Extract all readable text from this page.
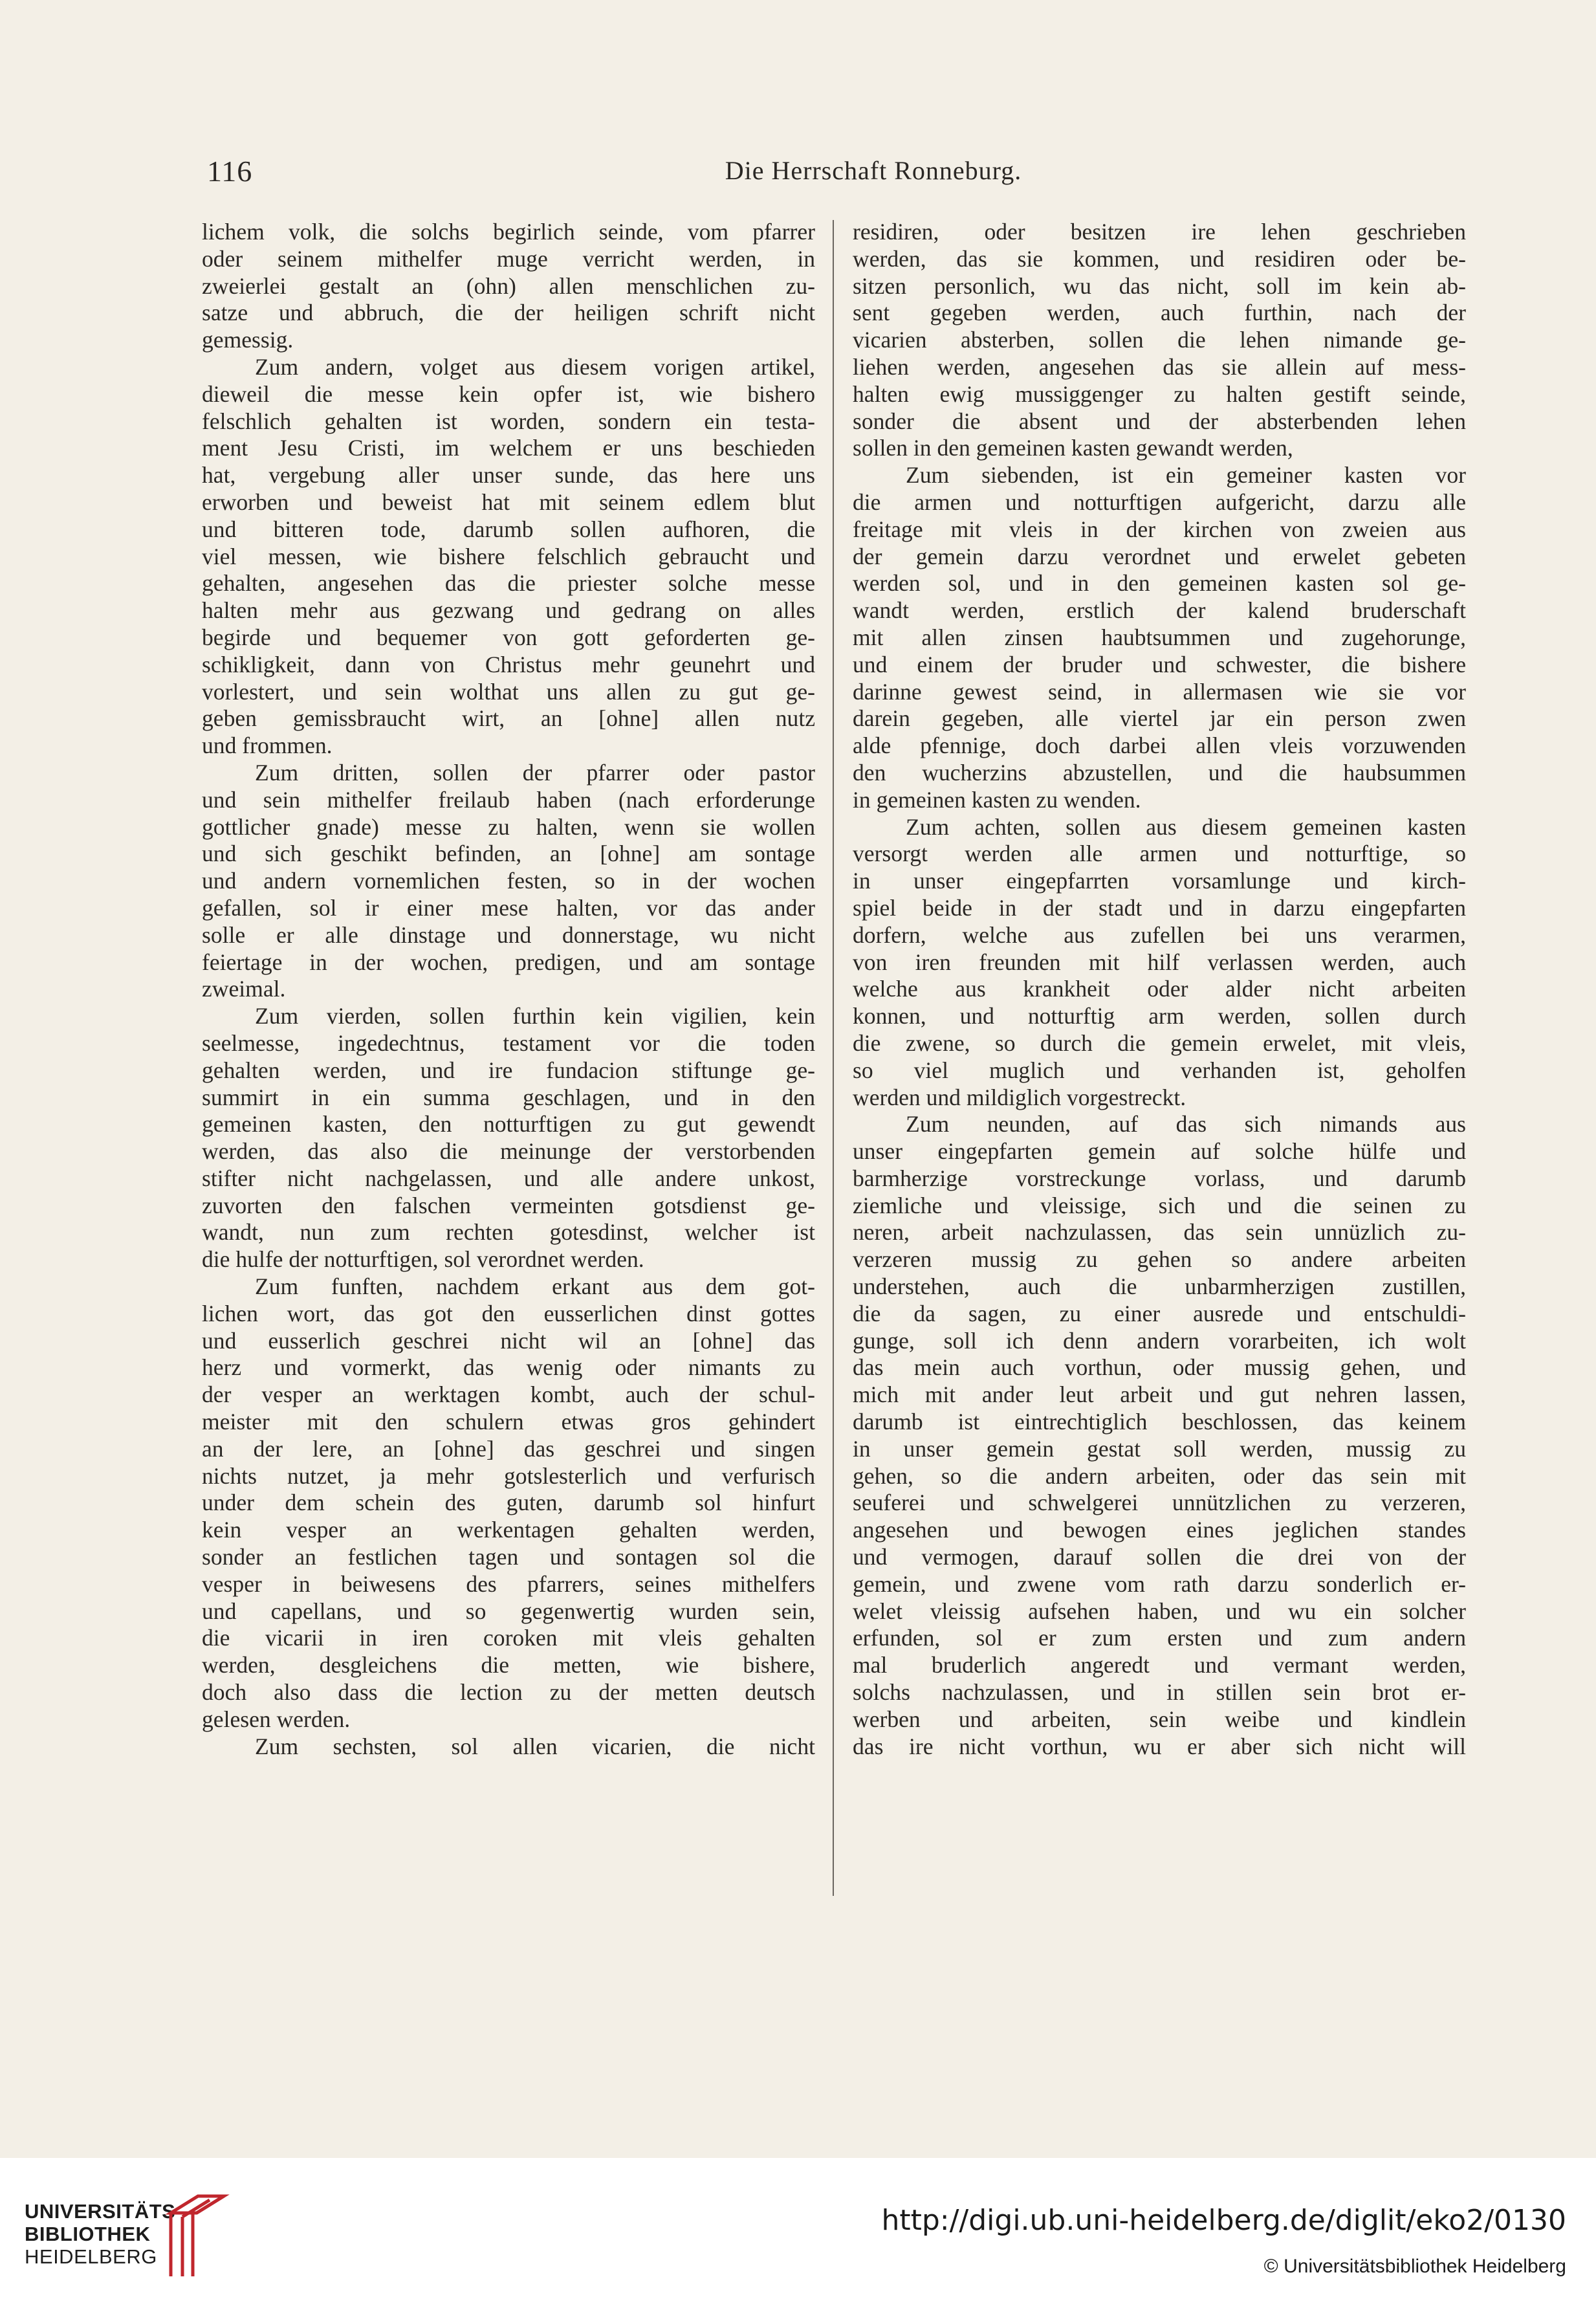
116	Die Herrschaft Ronneburg.
lichem volk, die solchs begirlich seinde, vom pfarrer
oder seinem mithelfer muge verricht werden, in
zweierlei gestalt an (ohn) allen menschlichen zu-
satze und abbruch, die der heiligen schrift nicht
gemessig.
Zum andern, volget aus diesem vorigen artikel,
dieweil die messe kein opfer ist, wie bishero
felschlich gehalten ist worden, sondern ein testa-
ment Jesu Cristi, im welchem er uns beschieden
hat, vergebung aller unser sunde, das here uns
erworben und beweist hat mit seinem edlem blut
und bitteren tode, darumb sollen aufhoren, die
viel messen, wie bishere felschlich gebraucht und
gehalten, angesehen das die priester solche messe
halten mehr aus gezwang und gedrang on alles
begirde und bequemer von gott geforderten ge-
schikligkeit, dann von Christus mehr geunehrt und
vorlestert, und sein wolthat uns allen zu gut ge-
geben gemissbraucht wirt, an [ohne] allen nutz
und frommen.
Zum dritten, sollen der pfarrer oder pastor
und sein mithelfer freilaub haben (nach erforderunge
gottlicher gnade) messe zu halten, wenn sie wollen
und sich geschikt befinden, an [ohne] am sontage
und andern vornemlichen festen, so in der wochen
gefallen, sol ir einer mese halten, vor das ander
solle er alle dinstage und donnerstage, wu nicht
feiertage in der wochen, predigen, und am sontage
zweimal.
Zum vierden, sollen furthin kein vigilien, kein
seelmesse, ingedechtnus, testament vor die toden
gehalten werden, und ire fundacion stiftunge ge-
summirt in ein summa geschlagen, und in den
gemeinen kasten, den notturftigen zu gut gewendt
werden, das also die meinunge der verstorbenden
stifter nicht nachgelassen, und alle andere unkost,
zuvorten den falschen vermeinten gotsdienst ge-
wandt, nun zum rechten gotesdinst, welcher ist
die hulfe der notturftigen, sol verordnet werden.
Zum funften, nachdem erkant aus dem got-
lichen wort, das got den eusserlichen dinst gottes
und eusserlich geschrei nicht wil an [ohne] das
herz und vormerkt, das wenig oder nimants zu
der vesper an werktagen kombt, auch der schul-
meister mit den schulern etwas gros gehindert
an der lere, an [ohne] das geschrei und singen
nichts nutzet, ja mehr gotslesterlich und verfurisch
under dem schein des guten, darumb sol hinfurt
kein vesper an werkentagen gehalten werden,
sonder an festlichen tagen und sontagen sol die
vesper in beiwesens des pfarrers, seines mithelfers
und capellans, und so gegenwertig wurden sein,
die vicarii in iren coroken mit vleis gehalten
werden, desgleichens die metten, wie bishere,
doch also dass die lection zu der metten deutsch
gelesen werden.
Zum sechsten, sol allen vicarien, die nicht
residiren, oder besitzen ire lehen geschrieben
werden, das sie kommen, und residiren oder be-
sitzen personlich, wu das nicht, soll im kein ab-
sent gegeben werden, auch furthin, nach der
vicarien absterben, sollen die lehen nimande ge-
liehen werden, angesehen das sie allein auf mess-
halten ewig mussiggenger zu halten gestift seinde,
sonder die absent und der absterbenden lehen
sollen in den gemeinen kasten gewandt werden,
Zum siebenden, ist ein gemeiner kasten vor
die armen und notturftigen aufgericht, darzu alle
freitage mit vleis in der kirchen von zweien aus
der gemein darzu verordnet und erwelet gebeten
werden sol, und in den gemeinen kasten sol ge-
wandt werden, erstlich der kalend bruderschaft
mit allen zinsen haubtsummen und zugehorunge,
und einem der bruder und schwester, die bishere
darinne gewest seind, in allermasen wie sie vor
darein gegeben, alle viertel jar ein person zwen
alde pfennige, doch darbei allen vleis vorzuwenden
den wucherzins abzustellen, und die haubsummen
in gemeinen kasten zu wenden.
Zum achten, sollen aus diesem gemeinen kasten
versorgt werden alle armen und notturftige, so
in unser eingepfarrten vorsamlunge und kirch-
spiel beide in der stadt und in darzu eingepfarten
dorfern, welche aus zufellen bei uns verarmen,
von iren freunden mit hilf verlassen werden, auch
welche aus krankheit oder alder nicht arbeiten
konnen, und notturftig arm werden, sollen durch
die zwene, so durch die gemein erwelet, mit vleis,
so viel muglich und verhanden ist, geholfen
werden und mildiglich vorgestreckt.
Zum neunden, auf das sich nimands aus
unser eingepfarten gemein auf solche hülfe und
barmherzige vorstreckunge vorlass, und darumb
ziemliche und vleissige, sich und die seinen zu
neren, arbeit nachzulassen, das sein unnüzlich zu-
verzeren mussig zu gehen so andere arbeiten
understehen, auch die unbarmherzigen zustillen,
die da sagen, zu einer ausrede und entschuldi-
gunge, soll ich denn andern vorarbeiten, ich wolt
das mein auch vorthun, oder mussig gehen, und
mich mit ander leut arbeit und gut nehren lassen,
darumb ist eintrechtiglich beschlossen, das keinem
in unser gemein gestat soll werden, mussig zu
gehen, so die andern arbeiten, oder das sein mit
seuferei und schwelgerei unnützlichen zu verzeren,
angesehen und bewogen eines jeglichen standes
und vermogen, darauf sollen die drei von der
gemein, und zwene vom rath darzu sonderlich er-
welet vleissig aufsehen haben, und wu ein solcher
erfunden, sol er zum ersten und zum andern
mal bruderlich angeredt und vermant werden,
solchs nachzulassen, und in stillen sein brot er-
werben und arbeiten, sein weibe und kindlein
das ire nicht vorthun, wu er aber sich nicht will
UNIVERSITÄTS-
BIBLIOTHEK
HEIDELBERG
http://digi.ub.uni-heidelberg.de/diglit/eko2/0130
© Universitätsbibliothek Heidelberg
